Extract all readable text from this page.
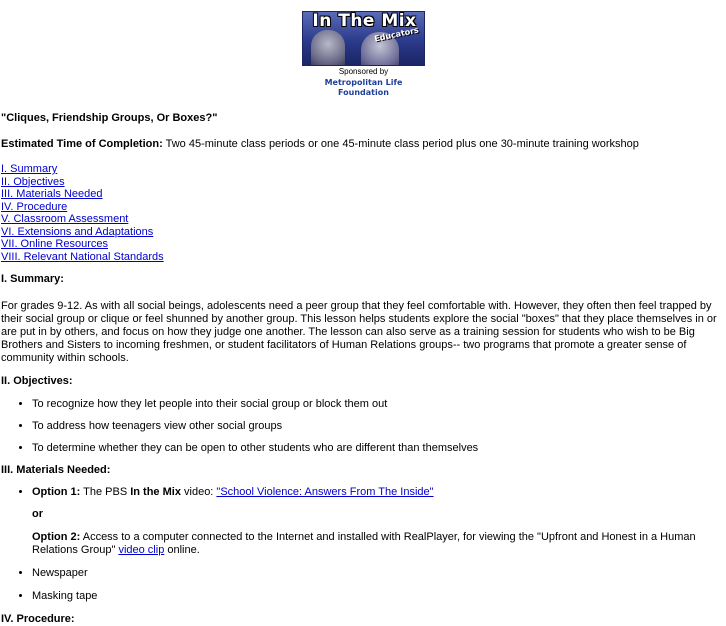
In The Mix
Educators
Sponsored by
Metropolitan Life
Foundation

"Cliques, Friendship Groups, Or Boxes?"

Estimated Time of Completion: Two 45-minute class periods or one 45-minute class period plus one 30-minute training workshop

I. Summary
II. Objectives
III. Materials Needed
IV. Procedure
V. Classroom Assessment
VI. Extensions and Adaptations
VII. Online Resources
VIII. Relevant National Standards
I. Summary:

For grades 9-12. As with all social beings, adolescents need a peer group that they feel comfortable with. However, they often then feel trapped by their social group or clique or feel shunned by another group. This lesson helps students explore the social "boxes" that they place themselves in or are put in by others, and focus on how they judge one another. The lesson can also serve as a training session for students who wish to be Big Brothers and Sisters to incoming freshmen, or student facilitators of Human Relations groups-- two programs that promote a greater sense of community within schools.

II. Objectives:
• To recognize how they let people into their social group or block them out
• To address how teenagers view other social groups
• To determine whether they can be open to other students who are different than themselves
III. Materials Needed:
• Option 1: The PBS In the Mix video: "School Violence: Answers From The Inside"

or

Option 2: Access to a computer connected to the Internet and installed with RealPlayer, for viewing the "Upfront and Honest in a Human Relations Group" video clip online.
• Newspaper
• Masking tape
IV. Procedure:
